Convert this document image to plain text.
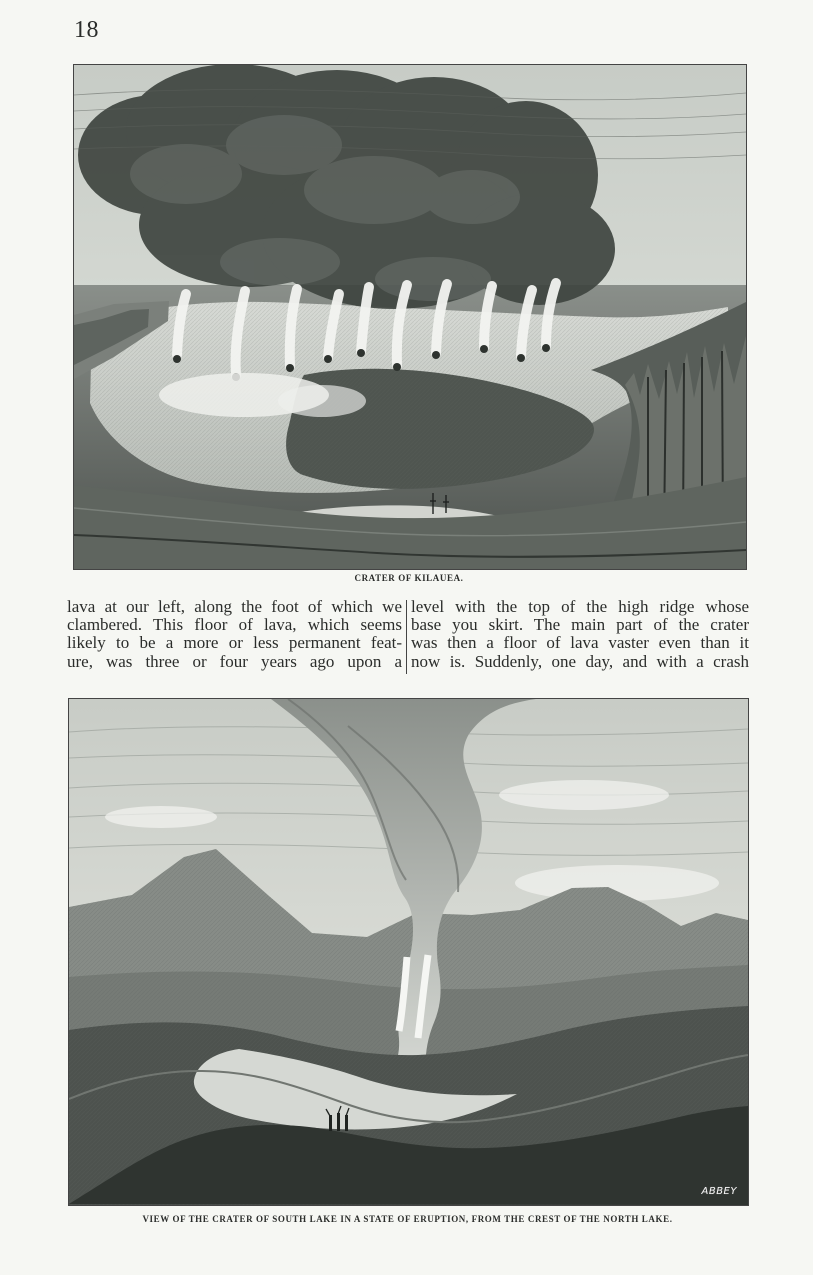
18
CRATER OF KILAUEA.
lava at our left, along the foot of which we
clambered. This floor of lava, which seems
likely to be a more or less permanent feat-
ure, was three or four years ago upon a
level with the top of the high ridge whose
base you skirt. The main part of the crater
was then a floor of lava vaster even than it
now is. Suddenly, one day, and with a crash
ABBEY
VIEW OF THE CRATER OF SOUTH LAKE IN A STATE OF ERUPTION, FROM THE CREST OF THE NORTH LAKE.
